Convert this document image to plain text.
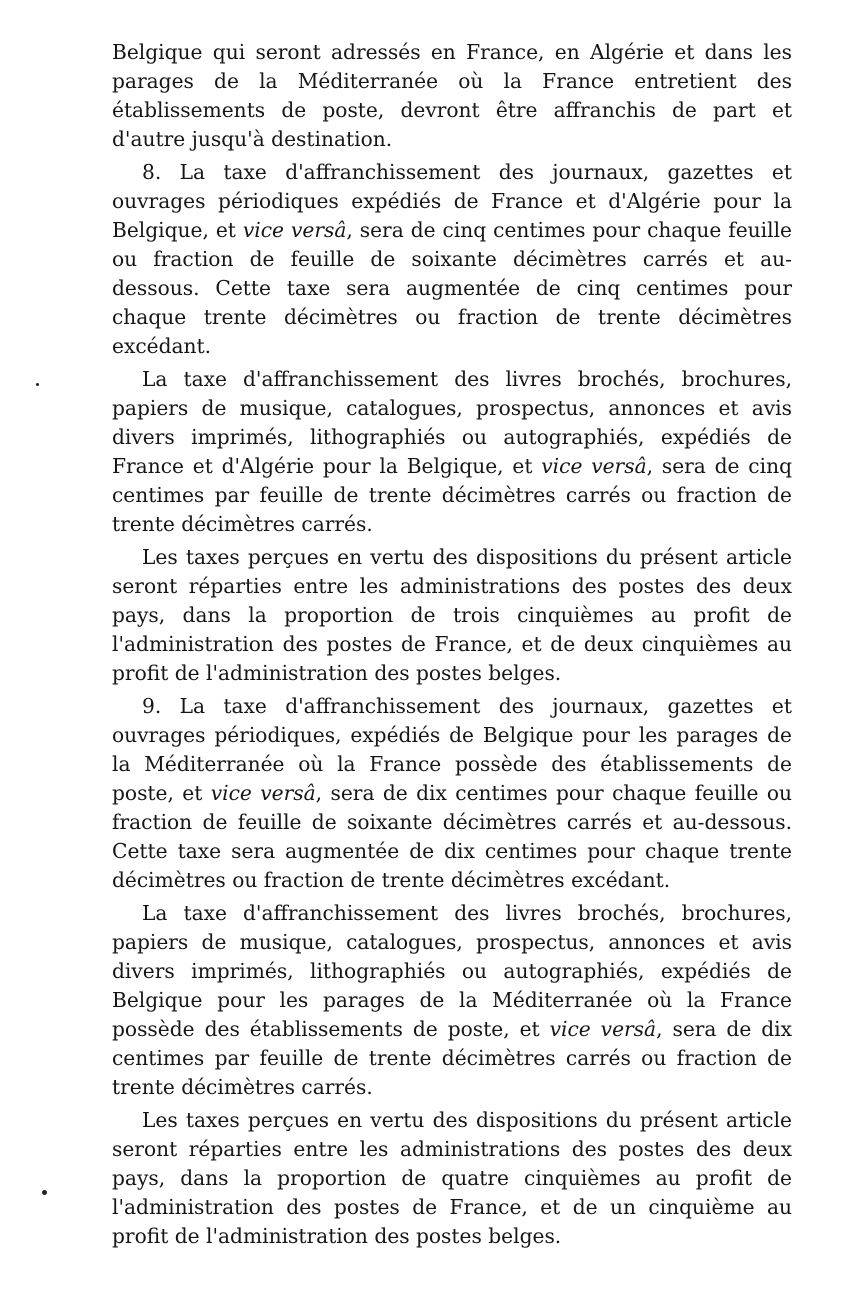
Belgique qui seront adressés en France, en Algérie et dans les parages de la Méditerranée où la France entretient des établissements de poste, devront être affranchis de part et d'autre jusqu'à destination.

8. La taxe d'affranchissement des journaux, gazettes et ouvrages périodiques expédiés de France et d'Algérie pour la Belgique, et vice versâ, sera de cinq centimes pour chaque feuille ou fraction de feuille de soixante décimètres carrés et au-dessous. Cette taxe sera augmentée de cinq centimes pour chaque trente décimètres ou fraction de trente décimètres excédant.

La taxe d'affranchissement des livres brochés, brochures, papiers de musique, catalogues, prospectus, annonces et avis divers imprimés, lithographiés ou autographiés, expédiés de France et d'Algérie pour la Belgique, et vice versâ, sera de cinq centimes par feuille de trente décimètres carrés ou fraction de trente décimètres carrés.

Les taxes perçues en vertu des dispositions du présent article seront réparties entre les administrations des postes des deux pays, dans la proportion de trois cinquièmes au profit de l'administration des postes de France, et de deux cinquièmes au profit de l'administration des postes belges.

9. La taxe d'affranchissement des journaux, gazettes et ouvrages périodiques, expédiés de Belgique pour les parages de la Méditerranée où la France possède des établissements de poste, et vice versâ, sera de dix centimes pour chaque feuille ou fraction de feuille de soixante décimètres carrés et au-dessous. Cette taxe sera augmentée de dix centimes pour chaque trente décimètres ou fraction de trente décimètres excédant.

La taxe d'affranchissement des livres brochés, brochures, papiers de musique, catalogues, prospectus, annonces et avis divers imprimés, lithographiés ou autographiés, expédiés de Belgique pour les parages de la Méditerranée où la France possède des établissements de poste, et vice versâ, sera de dix centimes par feuille de trente décimètres carrés ou fraction de trente décimètres carrés.

Les taxes perçues en vertu des dispositions du présent article seront réparties entre les administrations des postes des deux pays, dans la proportion de quatre cinquièmes au profit de l'administration des postes de France, et de un cinquième au profit de l'administration des postes belges.
